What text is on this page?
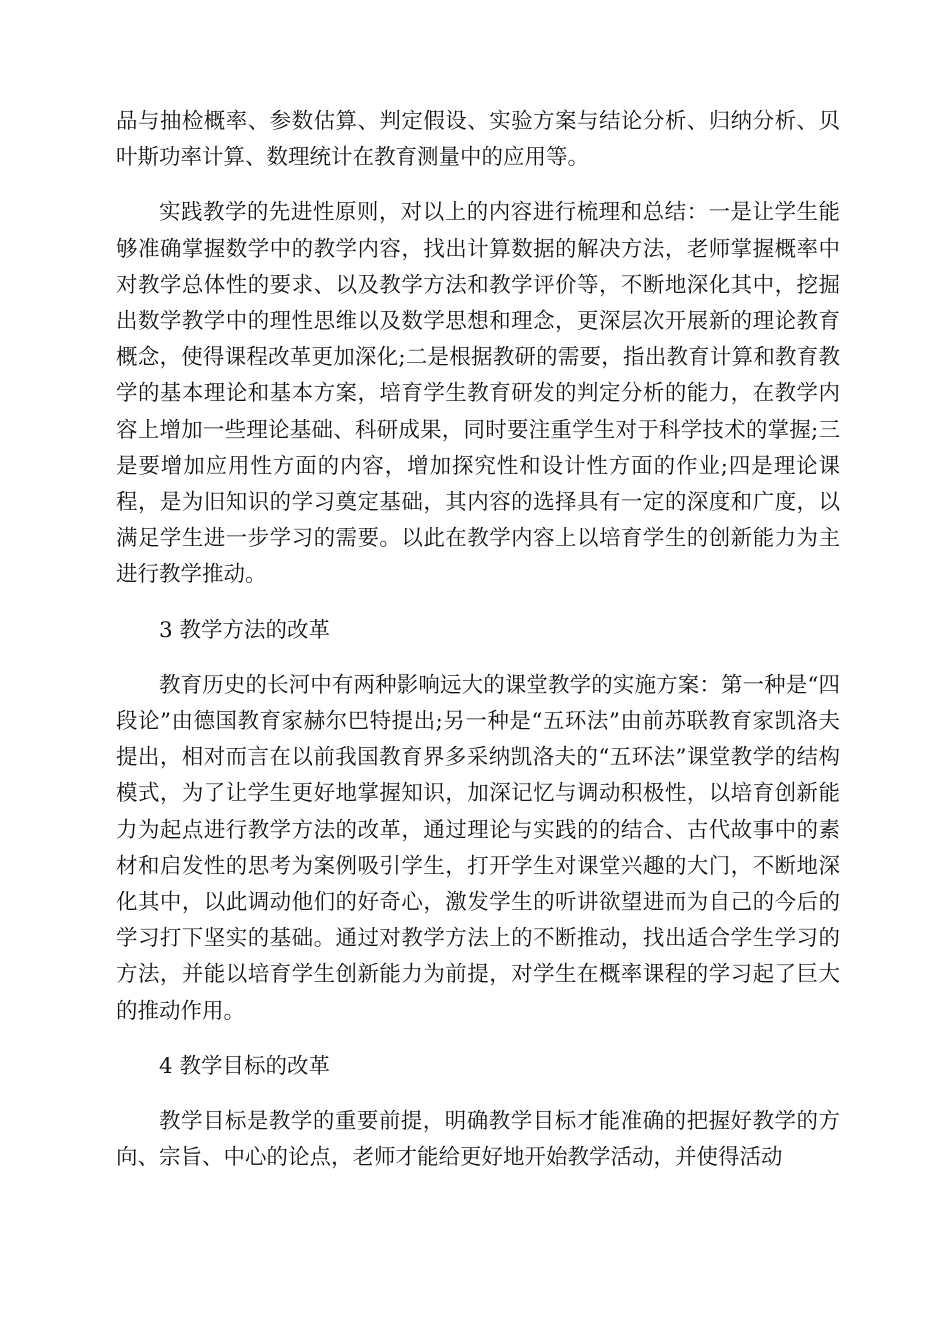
品与抽检概率、参数估算、判定假设、实验方案与结论分析、归纳分析、贝叶斯功率计算、数理统计在教育测量中的应用等。

实践教学的先进性原则，对以上的内容进行梳理和总结：一是让学生能够准确掌握数学中的教学内容，找出计算数据的解决方法，老师掌握概率中对教学总体性的要求、以及教学方法和教学评价等，不断地深化其中，挖掘出数学教学中的理性思维以及数学思想和理念，更深层次开展新的理论教育概念，使得课程改革更加深化;二是根据教研的需要，指出教育计算和教育教学的基本理论和基本方案，培育学生教育研发的判定分析的能力，在教学内容上增加一些理论基础、科研成果，同时要注重学生对于科学技术的掌握;三是要增加应用性方面的内容，增加探究性和设计性方面的作业;四是理论课程，是为旧知识的学习奠定基础，其内容的选择具有一定的深度和广度，以满足学生进一步学习的需要。以此在教学内容上以培育学生的创新能力为主进行教学推动。

3 教学方法的改革

教育历史的长河中有两种影响远大的课堂教学的实施方案：第一种是“四段论”由德国教育家赫尔巴特提出;另一种是“五环法”由前苏联教育家凯洛夫提出，相对而言在以前我国教育界多采纳凯洛夫的“五环法”课堂教学的结构模式，为了让学生更好地掌握知识，加深记忆与调动积极性，以培育创新能力为起点进行教学方法的改革，通过理论与实践的的结合、古代故事中的素材和启发性的思考为案例吸引学生，打开学生对课堂兴趣的大门，不断地深化其中，以此调动他们的好奇心，激发学生的听讲欲望进而为自己的今后的学习打下坚实的基础。通过对教学方法上的不断推动，找出适合学生学习的方法，并能以培育学生创新能力为前提，对学生在概率课程的学习起了巨大的推动作用。

4 教学目标的改革

教学目标是教学的重要前提，明确教学目标才能准确的把握好教学的方向、宗旨、中心的论点，老师才能给更好地开始教学活动，并使得活动
